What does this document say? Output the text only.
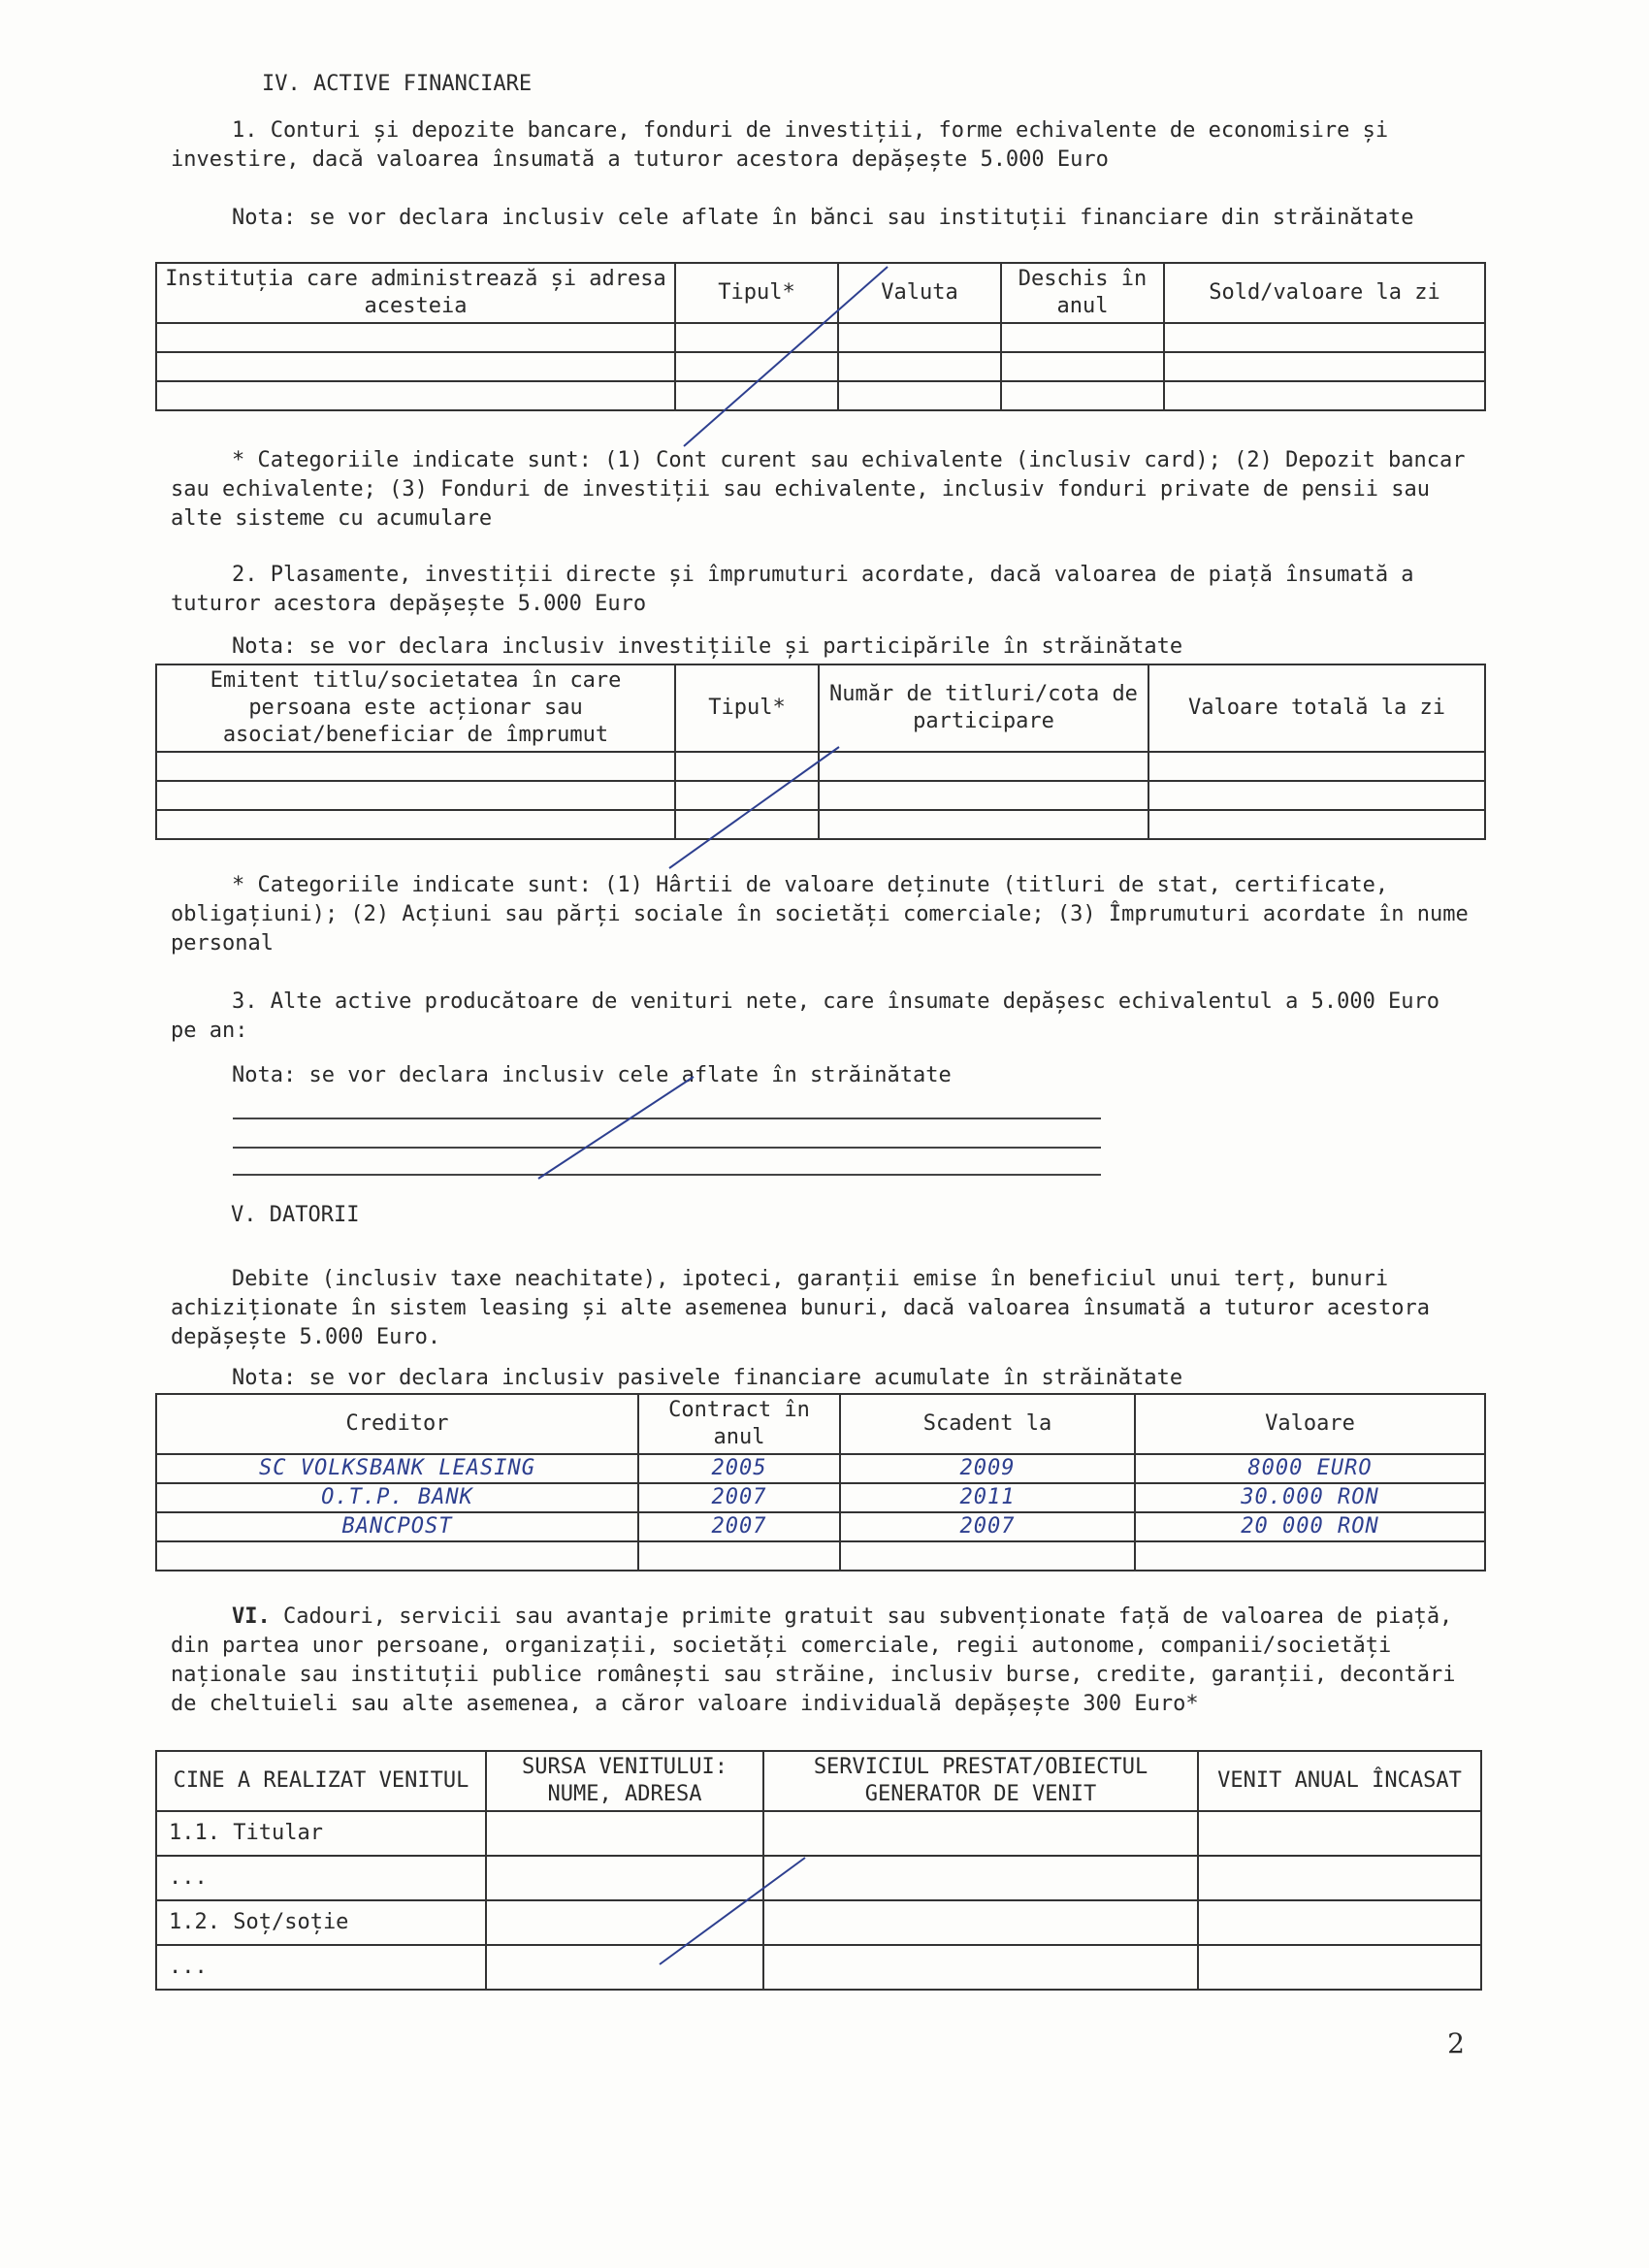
IV. ACTIVE FINANCIARE
1. Conturi și depozite bancare, fonduri de investiții, forme echivalente de economisire și investire, dacă valoarea însumată a tuturor acestora depășește 5.000 Euro
Nota: se vor declara inclusiv cele aflate în bănci sau instituții financiare din străinătate
Instituția care administrează și adresa acesteia	Tipul*	Valuta	Deschis în anul	Sold/valoare la zi

* Categoriile indicate sunt: (1) Cont curent sau echivalente (inclusiv card); (2) Depozit bancar sau echivalente; (3) Fonduri de investiții sau echivalente, inclusiv fonduri private de pensii sau alte sisteme cu acumulare
2. Plasamente, investiții directe și împrumuturi acordate, dacă valoarea de piață însumată a tuturor acestora depășește 5.000 Euro
Nota: se vor declara inclusiv investițiile și participările în străinătate
Emitent titlu/societatea în care persoana este acționar sau asociat/beneficiar de împrumut	Tipul*	Număr de titluri/cota de participare	Valoare totală la zi

* Categoriile indicate sunt: (1) Hârtii de valoare deținute (titluri de stat, certificate, obligațiuni); (2) Acțiuni sau părți sociale în societăți comerciale; (3) Împrumuturi acordate în nume personal
3. Alte active producătoare de venituri nete, care însumate depășesc echivalentul a 5.000 Euro pe an:
Nota: se vor declara inclusiv cele aflate în străinătate
V. DATORII
Debite (inclusiv taxe neachitate), ipoteci, garanții emise în beneficiul unui terț, bunuri achiziționate în sistem leasing și alte asemenea bunuri, dacă valoarea însumată a tuturor acestora depășește 5.000 Euro.
Nota: se vor declara inclusiv pasivele financiare acumulate în străinătate
Creditor	Contract în anul	Scadent la	Valoare
SC VOLKSBANK LEASING	2005	2009	8000 EURO
O.T.P. BANK	2007	2011	30.000 RON
BANCPOST	2007	2007	20 000 RON

VI. Cadouri, servicii sau avantaje primite gratuit sau subvenționate față de valoarea de piață, din partea unor persoane, organizații, societăți comerciale, regii autonome, companii/societăți naționale sau instituții publice românești sau străine, inclusiv burse, credite, garanții, decontări de cheltuieli sau alte asemenea, a căror valoare individuală depășește 300 Euro*
CINE A REALIZAT VENITUL	SURSA VENITULUI: NUME, ADRESA	SERVICIUL PRESTAT/OBIECTUL GENERATOR DE VENIT	VENIT ANUAL ÎNCASAT
1.1. Titular			
...			
1.2. Soț/soție			
...			
2
